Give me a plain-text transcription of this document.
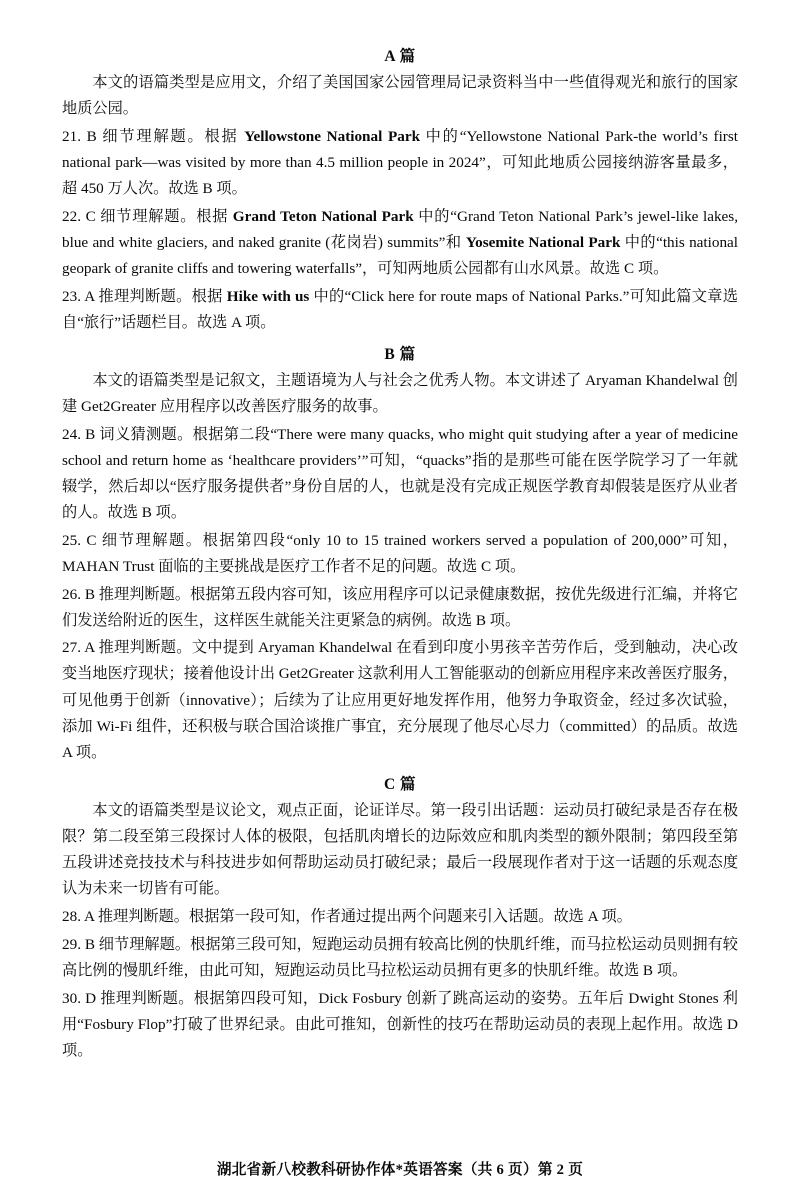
A 篇

本文的语篇类型是应用文，介绍了美国国家公园管理局记录资料当中一些值得观光和旅行的国家地质公园。

21. B 细节理解题。根据 Yellowstone National Park 中的“Yellowstone National Park-the world’s first national park—was visited by more than 4.5 million people in 2024”，可知此地质公园接纳游客量最多，超 450 万人次。故选 B 项。

22. C 细节理解题。根据 Grand Teton National Park 中的“Grand Teton National Park’s jewel-like lakes, blue and white glaciers, and naked granite (花岗岩) summits”和 Yosemite National Park 中的“this national geopark of granite cliffs and towering waterfalls”，可知两地质公园都有山水风景。故选 C 项。

23. A 推理判断题。根据 Hike with us 中的“Click here for route maps of National Parks.”可知此篇文章选自“旅行”话题栏目。故选 A 项。

B 篇

本文的语篇类型是记叙文，主题语境为人与社会之优秀人物。本文讲述了 Aryaman Khandelwal 创建 Get2Greater 应用程序以改善医疗服务的故事。

24. B 词义猜测题。根据第二段“There were many quacks, who might quit studying after a year of medicine school and return home as ‘healthcare providers’”可知，“quacks”指的是那些可能在医学院学习了一年就辍学，然后却以“医疗服务提供者”身份自居的人，也就是没有完成正规医学教育却假装是医疗从业者的人。故选 B 项。

25. C 细节理解题。根据第四段“only 10 to 15 trained workers served a population of 200,000”可知，MAHAN Trust 面临的主要挑战是医疗工作者不足的问题。故选 C 项。

26. B 推理判断题。根据第五段内容可知，该应用程序可以记录健康数据，按优先级进行汇编，并将它们发送给附近的医生，这样医生就能关注更紧急的病例。故选 B 项。

27. A 推理判断题。文中提到 Aryaman Khandelwal 在看到印度小男孩辛苦劳作后，受到触动，决心改变当地医疗现状；接着他设计出 Get2Greater 这款利用人工智能驱动的创新应用程序来改善医疗服务，可见他勇于创新（innovative）；后续为了让应用更好地发挥作用，他努力争取资金，经过多次试验，添加 Wi-Fi 组件，还积极与联合国洽谈推广事宜，充分展现了他尽心尽力（committed）的品质。故选 A 项。

C 篇

本文的语篇类型是议论文，观点正面，论证详尽。第一段引出话题：运动员打破纪录是否存在极限？第二段至第三段探讨人体的极限，包括肌肉增长的边际效应和肌肉类型的额外限制；第四段至第五段讲述竞技技术与科技进步如何帮助运动员打破纪录；最后一段展现作者对于这一话题的乐观态度认为未来一切皆有可能。

28. A 推理判断题。根据第一段可知，作者通过提出两个问题来引入话题。故选 A 项。

29. B 细节理解题。根据第三段可知，短跑运动员拥有较高比例的快肌纤维，而马拉松运动员则拥有较高比例的慢肌纤维，由此可知，短跑运动员比马拉松运动员拥有更多的快肌纤维。故选 B 项。

30. D 推理判断题。根据第四段可知，Dick Fosbury 创新了跳高运动的姿势。五年后 Dwight Stones 利用“Fosbury Flop”打破了世界纪录。由此可推知，创新性的技巧在帮助运动员的表现上起作用。故选 D 项。

湖北省新八校教科研协作体*英语答案（共 6 页）第 2 页
